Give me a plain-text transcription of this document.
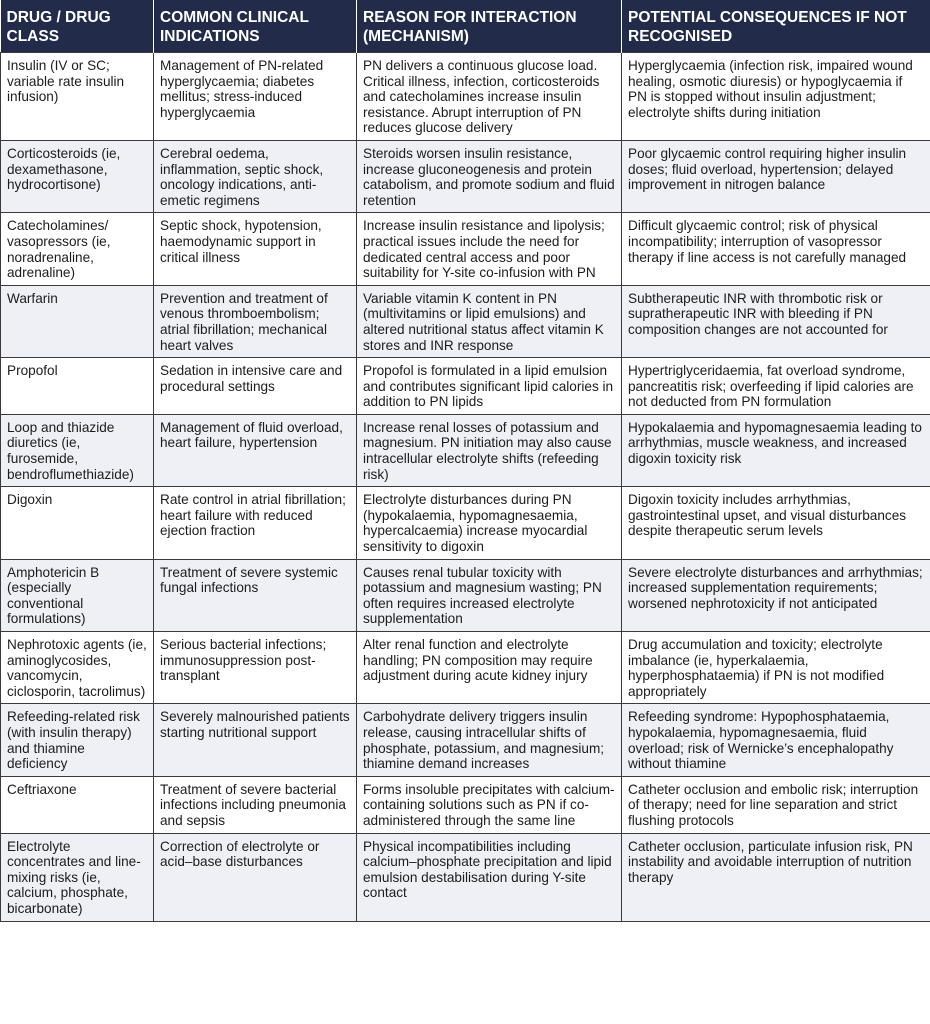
DRUG / DRUG CLASS	COMMON CLINICAL INDICATIONS	REASON FOR INTERACTION (MECHANISM)	POTENTIAL CONSEQUENCES IF NOT RECOGNISED
Insulin (IV or SC; variable rate insulin infusion)	Management of PN-related hyperglycaemia; diabetes mellitus; stress-induced hyperglycaemia	PN delivers a continuous glucose load. Critical illness, infection, corticosteroids and catecholamines increase insulin resistance. Abrupt interruption of PN reduces glucose delivery	Hyperglycaemia (infection risk, impaired wound healing, osmotic diuresis) or hypoglycaemia if PN is stopped without insulin adjustment; electrolyte shifts during initiation
Corticosteroids (ie, dexamethasone, hydrocortisone)	Cerebral oedema, inflammation, septic shock, oncology indications, anti-emetic regimens	Steroids worsen insulin resistance, increase gluconeogenesis and protein catabolism, and promote sodium and fluid retention	Poor glycaemic control requiring higher insulin doses; fluid overload, hypertension; delayed improvement in nitrogen balance
Catecholamines/ vasopressors (ie, noradrenaline, adrenaline)	Septic shock, hypotension, haemodynamic support in critical illness	Increase insulin resistance and lipolysis; practical issues include the need for dedicated central access and poor suitability for Y-site co-infusion with PN	Difficult glycaemic control; risk of physical incompatibility; interruption of vasopressor therapy if line access is not carefully managed
Warfarin	Prevention and treatment of venous thromboembolism; atrial fibrillation; mechanical heart valves	Variable vitamin K content in PN (multivitamins or lipid emulsions) and altered nutritional status affect vitamin K stores and INR response	Subtherapeutic INR with thrombotic risk or supratherapeutic INR with bleeding if PN composition changes are not accounted for
Propofol	Sedation in intensive care and procedural settings	Propofol is formulated in a lipid emulsion and contributes significant lipid calories in addition to PN lipids	Hypertriglyceridaemia, fat overload syndrome, pancreatitis risk; overfeeding if lipid calories are not deducted from PN formulation
Loop and thiazide diuretics (ie, furosemide, bendroflumethiazide)	Management of fluid overload, heart failure, hypertension	Increase renal losses of potassium and magnesium. PN initiation may also cause intracellular electrolyte shifts (refeeding risk)	Hypokalaemia and hypomagnesaemia leading to arrhythmias, muscle weakness, and increased digoxin toxicity risk
Digoxin	Rate control in atrial fibrillation; heart failure with reduced ejection fraction	Electrolyte disturbances during PN (hypokalaemia, hypomagnesaemia, hypercalcaemia) increase myocardial sensitivity to digoxin	Digoxin toxicity includes arrhythmias, gastrointestinal upset, and visual disturbances despite therapeutic serum levels
Amphotericin B (especially conventional formulations)	Treatment of severe systemic fungal infections	Causes renal tubular toxicity with potassium and magnesium wasting; PN often requires increased electrolyte supplementation	Severe electrolyte disturbances and arrhythmias; increased supplementation requirements; worsened nephrotoxicity if not anticipated
Nephrotoxic agents (ie, aminoglycosides, vancomycin, ciclosporin, tacrolimus)	Serious bacterial infections; immunosuppression post-transplant	Alter renal function and electrolyte handling; PN composition may require adjustment during acute kidney injury	Drug accumulation and toxicity; electrolyte imbalance (ie, hyperkalaemia, hyperphosphataemia) if PN is not modified appropriately
Refeeding-related risk (with insulin therapy) and thiamine deficiency	Severely malnourished patients starting nutritional support	Carbohydrate delivery triggers insulin release, causing intracellular shifts of phosphate, potassium, and magnesium; thiamine demand increases	Refeeding syndrome: Hypophosphataemia, hypokalaemia, hypomagnesaemia, fluid overload; risk of Wernicke’s encephalopathy without thiamine
Ceftriaxone	Treatment of severe bacterial infections including pneumonia and sepsis	Forms insoluble precipitates with calcium-containing solutions such as PN if co-administered through the same line	Catheter occlusion and embolic risk; interruption of therapy; need for line separation and strict flushing protocols
Electrolyte concentrates and line-mixing risks (ie, calcium, phosphate, bicarbonate)	Correction of electrolyte or acid–base disturbances	Physical incompatibilities including calcium–phosphate precipitation and lipid emulsion destabilisation during Y-site contact	Catheter occlusion, particulate infusion risk, PN instability and avoidable interruption of nutrition therapy
